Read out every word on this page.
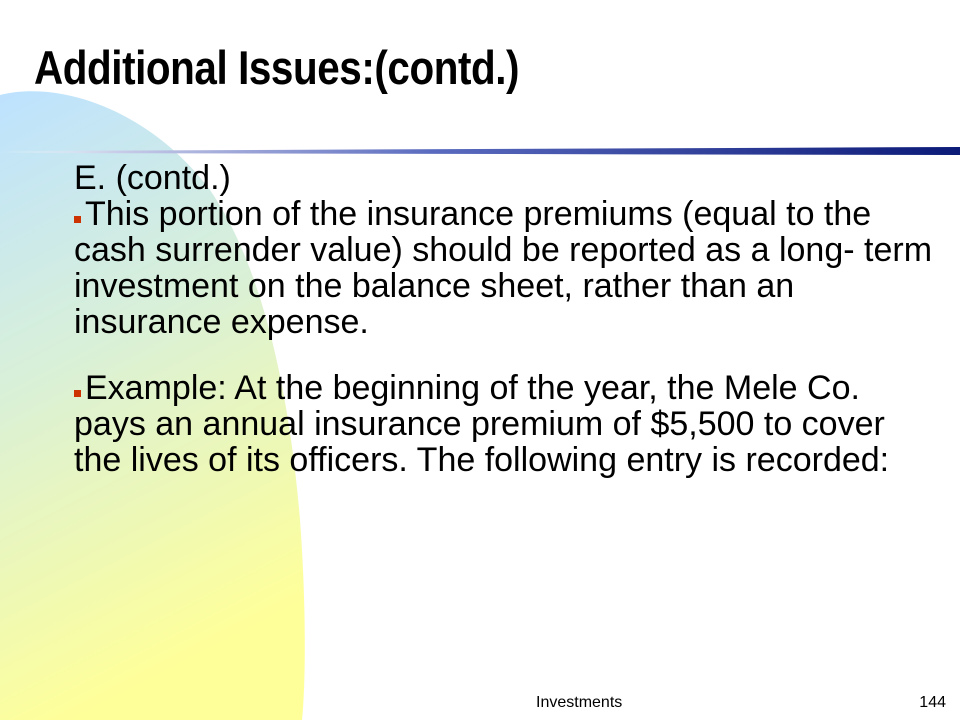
Additional Issues:(contd.)

E. (contd.)

This portion of the insurance premiums (equal to the cash surrender value) should be reported as a long- term investment on the balance sheet, rather than an insurance expense.

Example: At the beginning of the year, the Mele Co. pays an annual insurance premium of $5,500 to cover the lives of its officers. The following entry is recorded:

Investments	144
